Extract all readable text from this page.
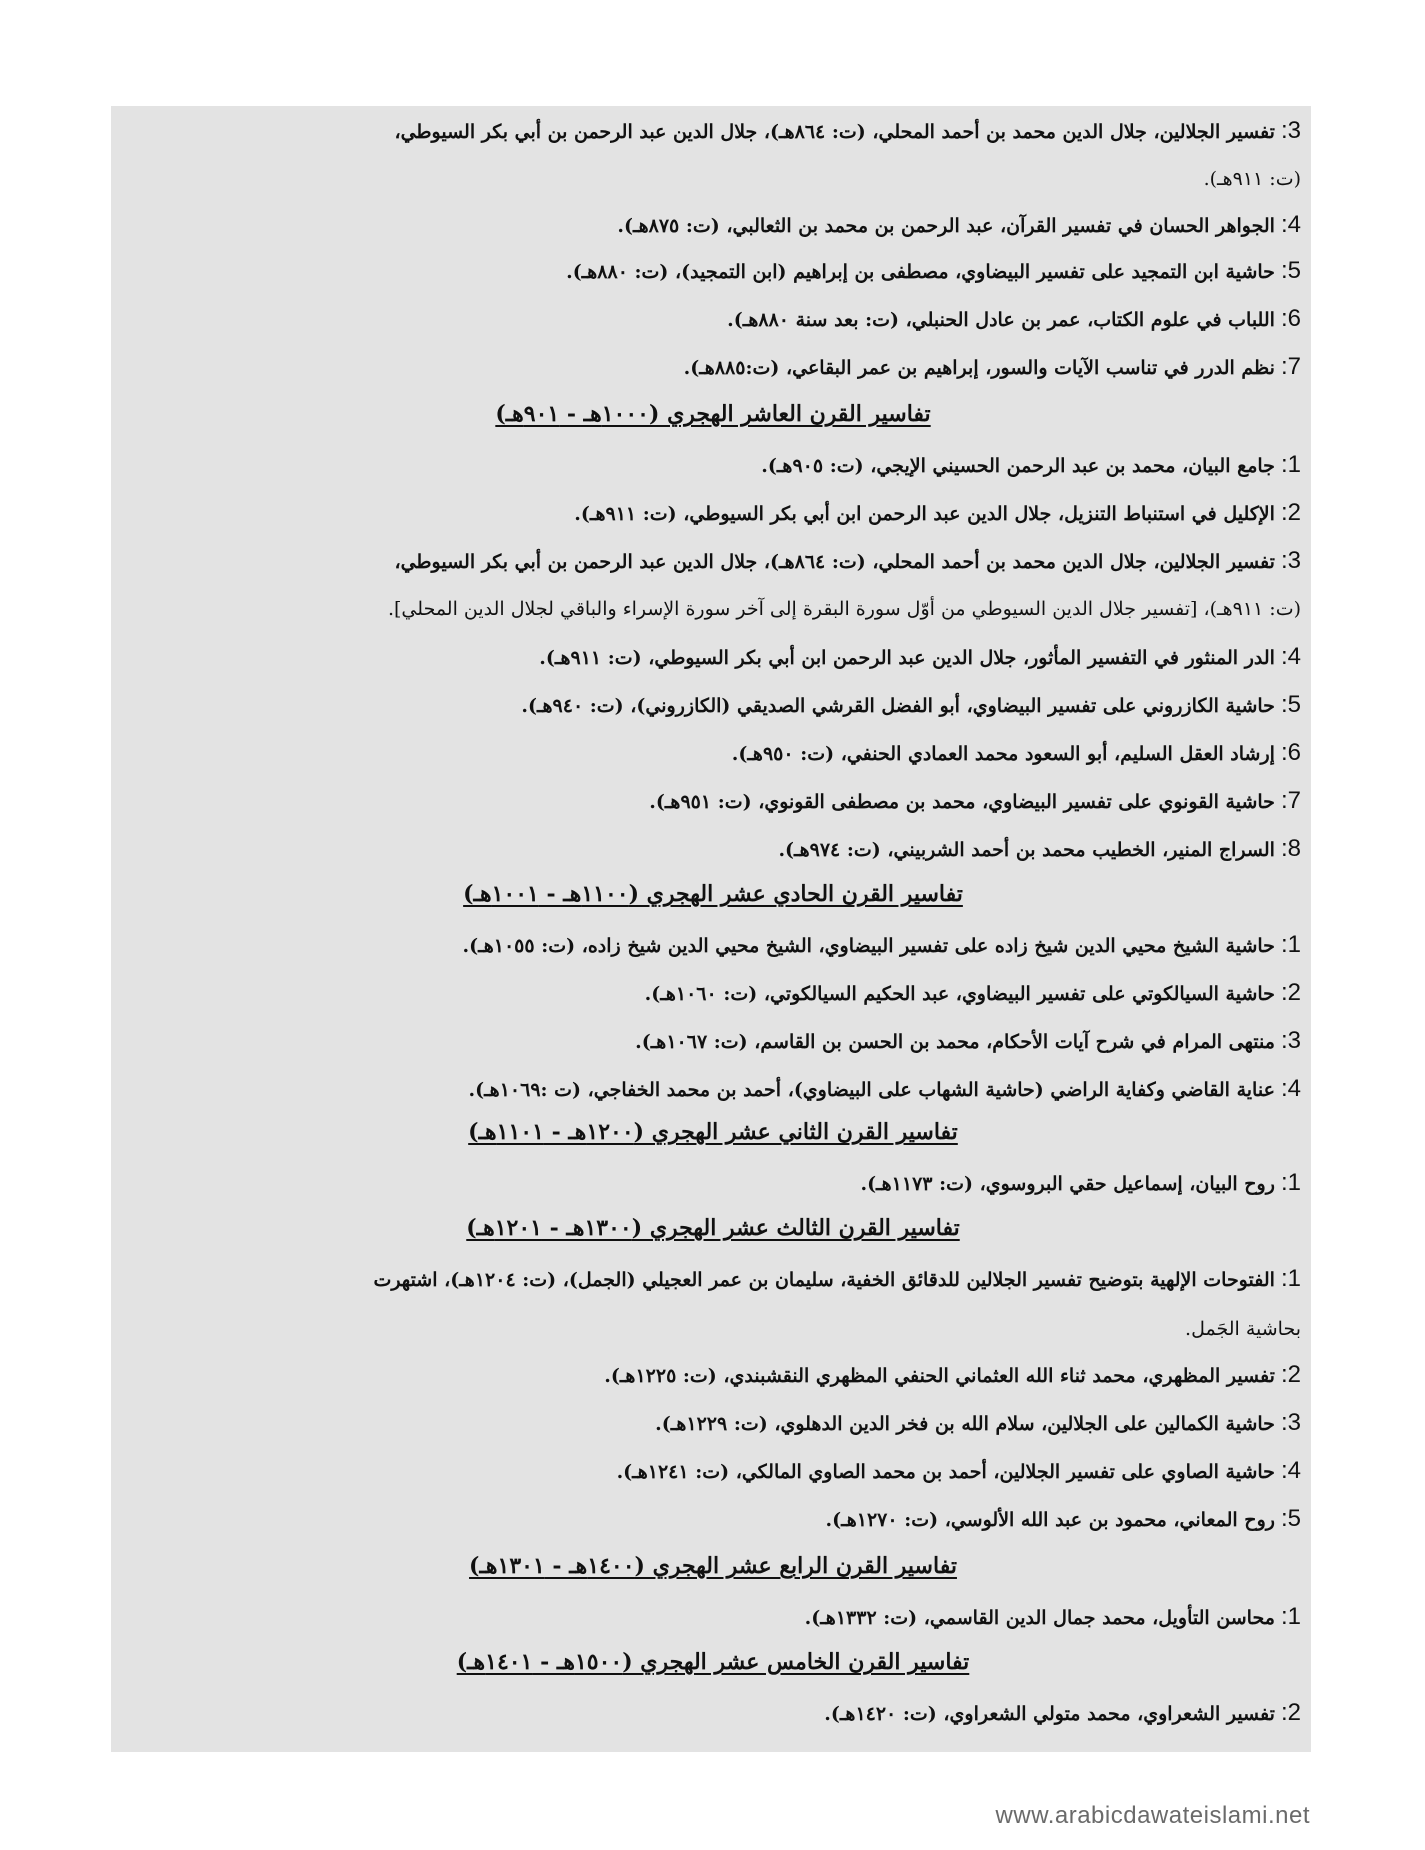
3: تفسير الجلالين، جلال الدين محمد بن أحمد المحلي، (ت: ٨٦٤هـ)، جلال الدين عبد الرحمن بن أبي بكر السيوطي،
(ت: ٩١١هـ).
4: الجواهر الحسان في تفسير القرآن، عبد الرحمن بن محمد بن الثعالبي، (ت: ٨٧٥هـ).
5: حاشية ابن التمجيد على تفسير البيضاوي، مصطفى بن إبراهيم (ابن التمجيد)، (ت: ٨٨٠هـ).
6: اللباب في علوم الكتاب، عمر بن عادل الحنبلي، (ت: بعد سنة ٨٨٠هـ).
7: نظم الدرر في تناسب الآيات والسور، إبراهيم بن عمر البقاعي، (ت:٨٨٥هـ).
تفاسير القرن العاشر الهجري (١٠٠٠هـ - ٩٠١هـ)
1: جامع البيان، محمد بن عبد الرحمن الحسيني الإيجي، (ت: ٩٠٥هـ).
2: الإكليل في استنباط التنزيل، جلال الدين عبد الرحمن ابن أبي بكر السيوطي، (ت: ٩١١هـ).
3: تفسير الجلالين، جلال الدين محمد بن أحمد المحلي، (ت: ٨٦٤هـ)، جلال الدين عبد الرحمن بن أبي بكر السيوطي،
(ت: ٩١١هـ)، [تفسير جلال الدين السيوطي من أوّل سورة البقرة إلى آخر سورة الإسراء والباقي لجلال الدين المحلي].
4: الدر المنثور في التفسير المأثور، جلال الدين عبد الرحمن ابن أبي بكر السيوطي، (ت: ٩١١هـ).
5: حاشية الكازروني على تفسير البيضاوي، أبو الفضل القرشي الصديقي (الكازروني)، (ت: ٩٤٠هـ).
6: إرشاد العقل السليم، أبو السعود محمد العمادي الحنفي، (ت: ٩٥٠هـ).
7: حاشية القونوي على تفسير البيضاوي، محمد بن مصطفى القونوي، (ت: ٩٥١هـ).
8: السراج المنير، الخطيب محمد بن أحمد الشربيني، (ت: ٩٧٤هـ).
تفاسير القرن الحادي عشر الهجري (١١٠٠هـ - ١٠٠١هـ)
1: حاشية الشيخ محيي الدين شيخ زاده على تفسير البيضاوي، الشيخ محيي الدين شيخ زاده، (ت: ١٠٥٥هـ).
2: حاشية السيالكوتي على تفسير البيضاوي، عبد الحكيم السيالكوتي، (ت: ١٠٦٠هـ).
3: منتهى المرام في شرح آيات الأحكام، محمد بن الحسن بن القاسم، (ت: ١٠٦٧هـ).
4: عناية القاضي وكفاية الراضي (حاشية الشهاب على البيضاوي)، أحمد بن محمد الخفاجي، (ت :١٠٦٩هـ).
تفاسير القرن الثاني عشر الهجري (١٢٠٠هـ - ١١٠١هـ)
1: روح البيان، إسماعيل حقي البروسوي، (ت: ١١٧٣هـ).
تفاسير القرن الثالث عشر الهجري (١٣٠٠هـ - ١٢٠١هـ)
1: الفتوحات الإلهية بتوضيح تفسير الجلالين للدقائق الخفية، سليمان بن عمر العجيلي (الجمل)، (ت: ١٢٠٤هـ)، اشتهرت
بحاشية الجَمل.
2: تفسير المظهري، محمد ثناء الله العثماني الحنفي المظهري النقشبندي، (ت: ١٢٢٥هـ).
3: حاشية الكمالين على الجلالين، سلام الله بن فخر الدين الدهلوي، (ت: ١٢٢٩هـ).
4: حاشية الصاوي على تفسير الجلالين، أحمد بن محمد الصاوي المالكي، (ت: ١٢٤١هـ).
5: روح المعاني، محمود بن عبد الله الألوسي، (ت: ١٢٧٠هـ).
تفاسير القرن الرابع عشر الهجري (١٤٠٠هـ - ١٣٠١هـ)
1: محاسن التأويل، محمد جمال الدين القاسمي، (ت: ١٣٣٢هـ).
تفاسير القرن الخامس عشر الهجري (١٥٠٠هـ - ١٤٠١هـ)
2: تفسير الشعراوي، محمد متولي الشعراوي، (ت: ١٤٢٠هـ).
www.arabicdawateislami.net
